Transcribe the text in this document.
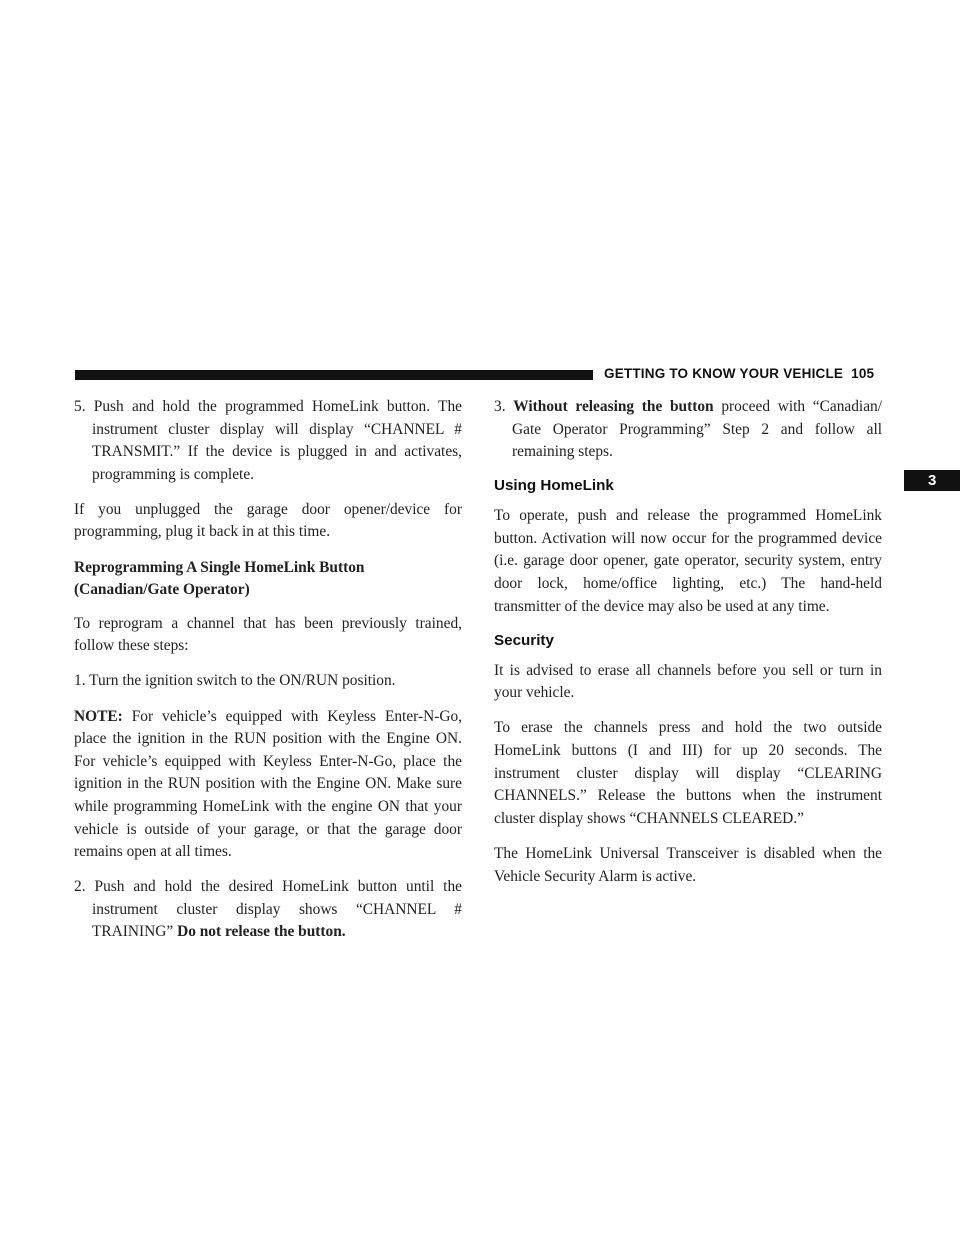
GETTING TO KNOW YOUR VEHICLE 105
3

5. Push and hold the programmed HomeLink button. The instrument cluster display will display “CHANNEL # TRANSMIT.” If the device is plugged in and activates, programming is complete.

If you unplugged the garage door opener/device for programming, plug it back in at this time.

Reprogramming A Single HomeLink Button
(Canadian/Gate Operator)

To reprogram a channel that has been previously trained, follow these steps:

1. Turn the ignition switch to the ON/RUN position.

NOTE: For vehicle’s equipped with Keyless Enter-N-Go, place the ignition in the RUN position with the Engine ON. For vehicle’s equipped with Keyless Enter-N-Go, place the ignition in the RUN position with the Engine ON. Make sure while programming HomeLink with the engine ON that your vehicle is outside of your garage, or that the garage door remains open at all times.

2. Push and hold the desired HomeLink button until the instrument cluster display shows “CHANNEL # TRAINING” Do not release the button.

3. Without releasing the button proceed with “Canadian/ Gate Operator Programming” Step 2 and follow all remaining steps.

Using HomeLink

To operate, push and release the programmed HomeLink button. Activation will now occur for the programmed device (i.e. garage door opener, gate operator, security system, entry door lock, home/office lighting, etc.) The hand-held transmitter of the device may also be used at any time.

Security

It is advised to erase all channels before you sell or turn in your vehicle.

To erase the channels press and hold the two outside HomeLink buttons (I and III) for up 20 seconds. The instrument cluster display will display “CLEARING CHANNELS.” Release the buttons when the instrument cluster display shows “CHANNELS CLEARED.”

The HomeLink Universal Transceiver is disabled when the Vehicle Security Alarm is active.
